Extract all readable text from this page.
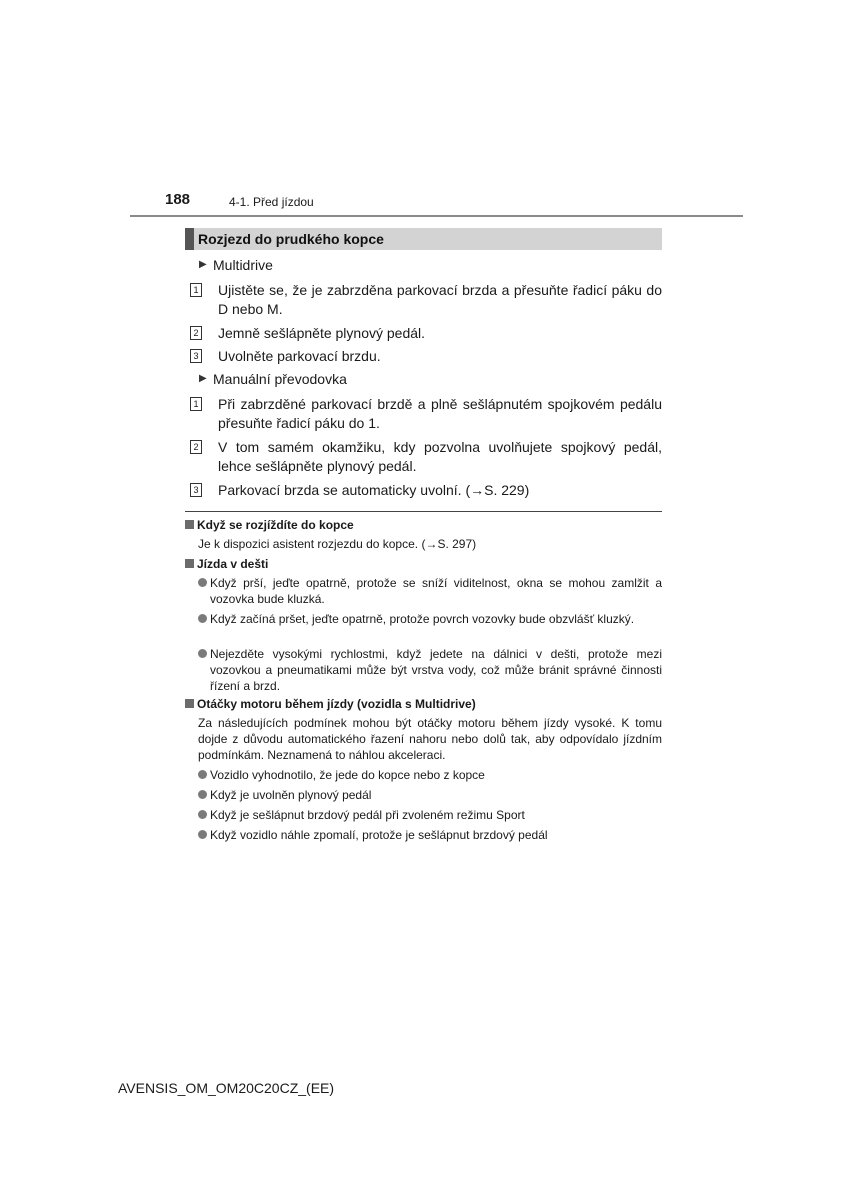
188	4-1. Před jízdou
Rozjezd do prudkého kopce
▶ Multidrive
1 Ujistěte se, že je zabrzděna parkovací brzda a přesuňte řadicí páku do D nebo M.
2 Jemně sešlápněte plynový pedál.
3 Uvolněte parkovací brzdu.
▶ Manuální převodovka
1 Při zabrzděné parkovací brzdě a plně sešlápnutém spojkovém pedálu přesuňte řadicí páku do 1.
2 V tom samém okamžiku, kdy pozvolna uvolňujete spojkový pedál, lehce sešlápněte plynový pedál.
3 Parkovací brzda se automaticky uvolní. (→S. 229)
Když se rozjíždíte do kopce
Je k dispozici asistent rozjezdu do kopce. (→S. 297)
Jízda v dešti
Když prší, jeďte opatrně, protože se sníží viditelnost, okna se mohou zamlžit a vozovka bude kluzká.
Když začíná pršet, jeďte opatrně, protože povrch vozovky bude obzvlášť kluzký.
Nejezděte vysokými rychlostmi, když jedete na dálnici v dešti, protože mezi vozovkou a pneumatikami může být vrstva vody, což může bránit správné činnosti řízení a brzd.
Otáčky motoru během jízdy (vozidla s Multidrive)
Za následujících podmínek mohou být otáčky motoru během jízdy vysoké. K tomu dojde z důvodu automatického řazení nahoru nebo dolů tak, aby odpovídalo jízdním podmínkám. Neznamená to náhlou akceleraci.
Vozidlo vyhodnotilo, že jede do kopce nebo z kopce
Když je uvolněn plynový pedál
Když je sešlápnut brzdový pedál při zvoleném režimu Sport
Když vozidlo náhle zpomalí, protože je sešlápnut brzdový pedál
AVENSIS_OM_OM20C20CZ_(EE)
